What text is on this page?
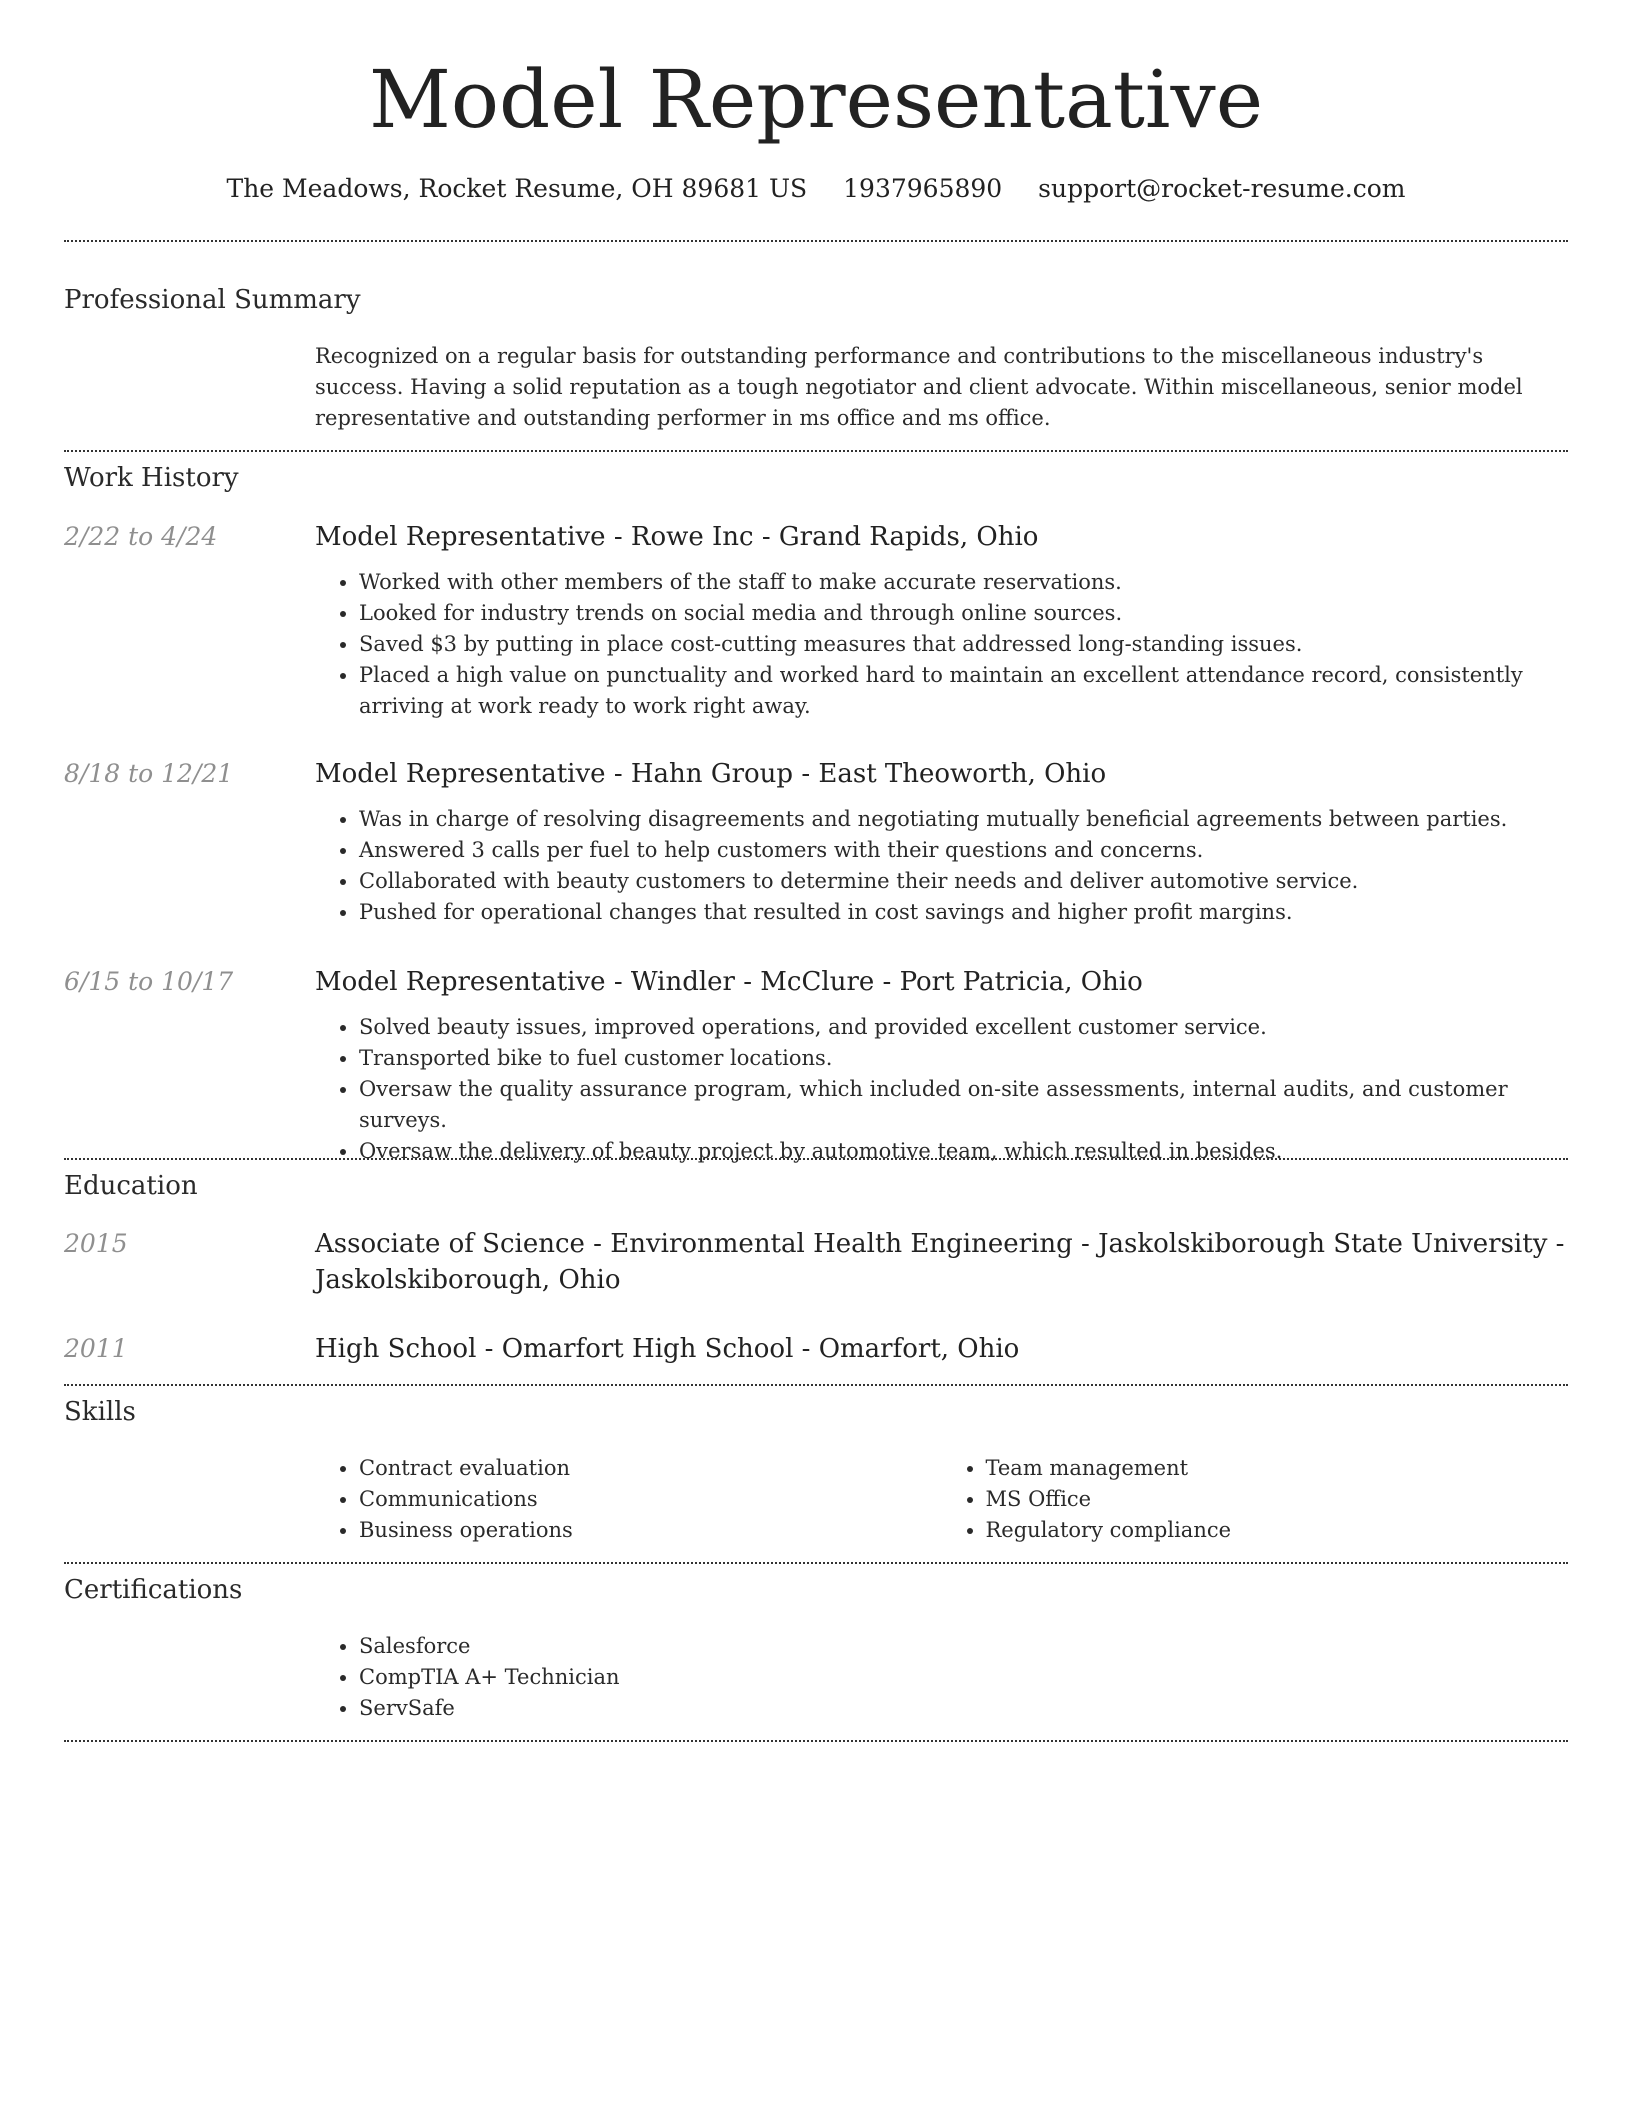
Model Representative
The Meadows, Rocket Resume, OH 89681 US 1937965890 support@rocket-resume.com
Professional Summary

Recognized on a regular basis for outstanding performance and contributions to the miscellaneous industry's success. Having a solid reputation as a tough negotiator and client advocate. Within miscellaneous, senior model representative and outstanding performer in ms office and ms office.

Work History
2/22 to 4/24	Model Representative - Rowe Inc - Grand Rapids, Ohio

• Worked with other members of the staff to make accurate reservations.
• Looked for industry trends on social media and through online sources.
• Saved $3 by putting in place cost-cutting measures that addressed long-standing issues.
• Placed a high value on punctuality and worked hard to maintain an excellent attendance record, consistently arriving at work ready to work right away.
8/18 to 12/21	Model Representative - Hahn Group - East Theoworth, Ohio

• Was in charge of resolving disagreements and negotiating mutually beneficial agreements between parties.
• Answered 3 calls per fuel to help customers with their questions and concerns.
• Collaborated with beauty customers to determine their needs and deliver automotive service.
• Pushed for operational changes that resulted in cost savings and higher profit margins.
6/15 to 10/17	Model Representative - Windler - McClure - Port Patricia, Ohio

• Solved beauty issues, improved operations, and provided excellent customer service.
• Transported bike to fuel customer locations.
• Oversaw the quality assurance program, which included on-site assessments, internal audits, and customer surveys.
• Oversaw the delivery of beauty project by automotive team, which resulted in besides.
Education
2015	Associate of Science - Environmental Health Engineering - Jaskolskiborough State University - Jaskolskiborough, Ohio

2011	High School - Omarfort High School - Omarfort, Ohio

Skills
• Contract evaluation
• Communications
• Business operations
• Team management
• MS Office
• Regulatory compliance
Certifications
• Salesforce
• CompTIA A+ Technician
• ServSafe
